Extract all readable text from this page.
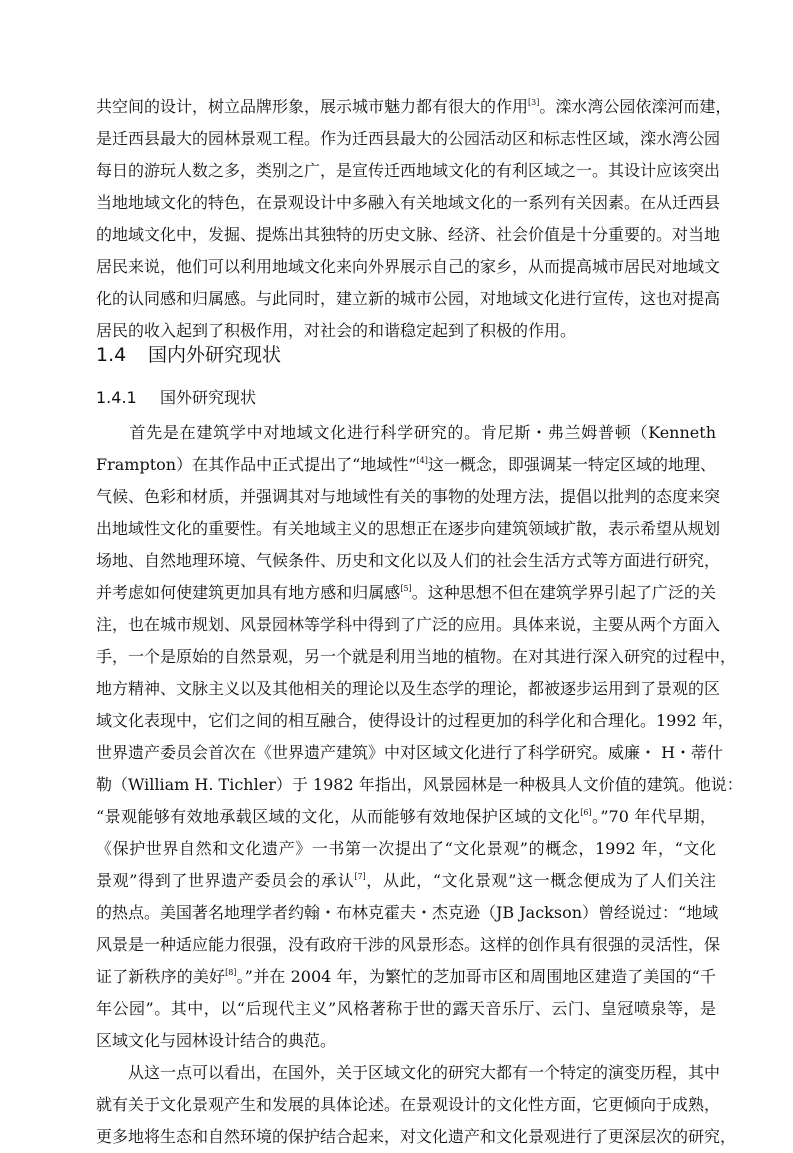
共空间的设计，树立品牌形象，展示城市魅力都有很大的作用[3]。滦水湾公园依滦河而建，
是迁西县最大的园林景观工程。作为迁西县最大的公园活动区和标志性区域，滦水湾公园
每日的游玩人数之多，类别之广，是宣传迁西地域文化的有利区域之一。其设计应该突出
当地地域文化的特色，在景观设计中多融入有关地域文化的一系列有关因素。在从迁西县
的地域文化中，发掘、提炼出其独特的历史文脉、经济、社会价值是十分重要的。对当地
居民来说，他们可以利用地域文化来向外界展示自己的家乡，从而提高城市居民对地域文
化的认同感和归属感。与此同时，建立新的城市公园，对地域文化进行宣传，这也对提高
居民的收入起到了积极作用，对社会的和谐稳定起到了积极的作用。
1.4 国内外研究现状
1.4.1 国外研究现状
　　首先是在建筑学中对地域文化进行科学研究的。肯尼斯・弗兰姆普顿（Kenneth
Frampton）在其作品中正式提出了“地域性”[4]这一概念，即强调某一特定区域的地理、
气候、色彩和材质，并强调其对与地域性有关的事物的处理方法，提倡以批判的态度来突
出地域性文化的重要性。有关地域主义的思想正在逐步向建筑领域扩散，表示希望从规划
场地、自然地理环境、气候条件、历史和文化以及人们的社会生活方式等方面进行研究，
并考虑如何使建筑更加具有地方感和归属感[5]。这种思想不但在建筑学界引起了广泛的关
注，也在城市规划、风景园林等学科中得到了广泛的应用。具体来说，主要从两个方面入
手，一个是原始的自然景观，另一个就是利用当地的植物。在对其进行深入研究的过程中，
地方精神、文脉主义以及其他相关的理论以及生态学的理论，都被逐步运用到了景观的区
域文化表现中，它们之间的相互融合，使得设计的过程更加的科学化和合理化。1992 年，
世界遗产委员会首次在《世界遗产建筑》中对区域文化进行了科学研究。威廉・ H・蒂什
勒（William H. Tichler）于 1982 年指出，风景园林是一种极具人文价值的建筑。他说：
“景观能够有效地承载区域的文化，从而能够有效地保护区域的文化[6]。”70 年代早期，
《保护世界自然和文化遗产》一书第一次提出了“文化景观”的概念，1992 年，“文化
景观”得到了世界遗产委员会的承认[7]，从此，“文化景观”这一概念便成为了人们关注
的热点。美国著名地理学者约翰・布林克霍夫・杰克逊（JB Jackson）曾经说过：“地域
风景是一种适应能力很强，没有政府干涉的风景形态。这样的创作具有很强的灵活性，保
证了新秩序的美好[8]。”并在 2004 年，为繁忙的芝加哥市区和周围地区建造了美国的“千
年公园”。其中，以“后现代主义”风格著称于世的露天音乐厅、云门、皇冠喷泉等，是
区域文化与园林设计结合的典范。
　　从这一点可以看出，在国外，关于区域文化的研究大都有一个特定的演变历程，其中
就有关于文化景观产生和发展的具体论述。在景观设计的文化性方面，它更倾向于成熟，
更多地将生态和自然环境的保护结合起来，对文化遗产和文化景观进行了更深层次的研究，
